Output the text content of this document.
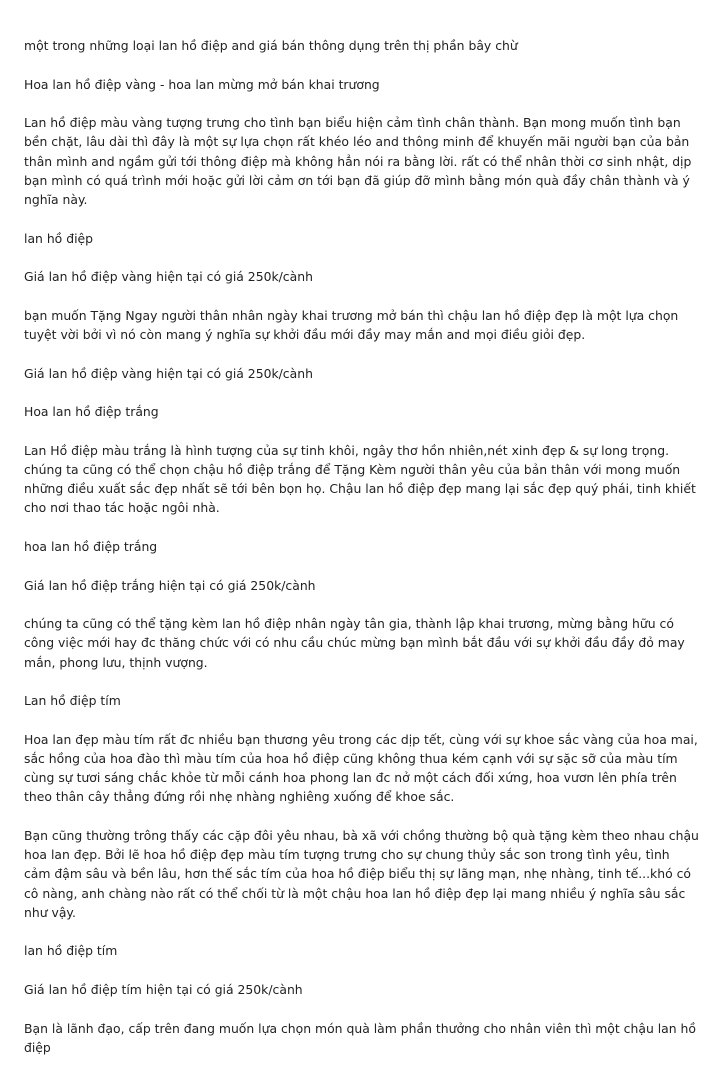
một trong những loại lan hồ điệp and giá bán thông dụng trên thị phần bây chừ

Hoa lan hồ điệp vàng - hoa lan mừng mở bán khai trương

Lan hồ điệp màu vàng tượng trưng cho tình bạn biểu hiện cảm tình chân thành. Bạn mong muốn tình bạn bền chặt, lâu dài thì đây là một sự lựa chọn rất khéo léo and thông minh để khuyến mãi người bạn của bản thân mình and ngầm gửi tới thông điệp mà không hẳn nói ra bằng lời. rất có thể nhân thời cơ sinh nhật, dịp bạn mình có quá trình mới hoặc gửi lời cảm ơn tới bạn đã giúp đỡ mình bằng món quà đầy chân thành và ý nghĩa này.

lan hồ điệp

Giá lan hồ điệp vàng hiện tại có giá 250k/cành

bạn muốn Tặng Ngay người thân nhân ngày khai trương mở bán thì chậu lan hồ điệp đẹp là một lựa chọn tuyệt vời bởi vì nó còn mang ý nghĩa sự khởi đầu mới đầy may mắn and mọi điều giỏi đẹp.

Giá lan hồ điệp vàng hiện tại có giá 250k/cành

Hoa lan hồ điệp trắng

Lan Hồ điệp màu trắng là hình tượng của sự tinh khôi, ngây thơ hồn nhiên,nét xinh đẹp & sự long trọng. chúng ta cũng có thể chọn chậu hồ điệp trắng để Tặng Kèm người thân yêu của bản thân với mong muốn những điều xuất sắc đẹp nhất sẽ tới bên bọn họ. Chậu lan hồ điệp đẹp mang lại sắc đẹp quý phái, tinh khiết cho nơi thao tác hoặc ngôi nhà.

hoa lan hồ điệp trắng

Giá lan hồ điệp trắng hiện tại có giá 250k/cành

chúng ta cũng có thể tặng kèm lan hồ điệp nhân ngày tân gia, thành lập khai trương, mừng bằng hữu có công việc mới hay đc thăng chức với có nhu cầu chúc mừng bạn mình bắt đầu với sự khởi đầu đầy đỏ may mắn, phong lưu, thịnh vượng.

Lan hồ điệp tím

Hoa lan đẹp màu tím rất đc nhiều bạn thương yêu trong các dịp tết, cùng với sự khoe sắc vàng của hoa mai, sắc hồng của hoa đào thì màu tím của hoa hồ điệp cũng không thua kém cạnh với sự sặc sỡ của màu tím cùng sự tươi sáng chắc khỏe từ mỗi cánh hoa phong lan đc nở một cách đối xứng, hoa vươn lên phía trên theo thân cây thẳng đứng rồi nhẹ nhàng nghiêng xuống để khoe sắc.

Bạn cũng thường trông thấy các cặp đôi yêu nhau, bà xã với chồng thường bộ quà tặng kèm theo nhau chậu hoa lan đẹp. Bởi lẽ hoa hồ điệp đẹp màu tím tượng trưng cho sự chung thủy sắc son trong tình yêu, tình cảm đậm sâu và bền lâu, hơn thế sắc tím của hoa hồ điệp biểu thị sự lãng mạn, nhẹ nhàng, tinh tế...khó có cô nàng, anh chàng nào rất có thể chối từ là một chậu hoa lan hồ điệp đẹp lại mang nhiều ý nghĩa sâu sắc như vậy.

lan hồ điệp tím

Giá lan hồ điệp tím hiện tại có giá 250k/cành

Bạn là lãnh đạo, cấp trên đang muốn lựa chọn món quà làm phần thưởng cho nhân viên thì một chậu lan hồ điệp
